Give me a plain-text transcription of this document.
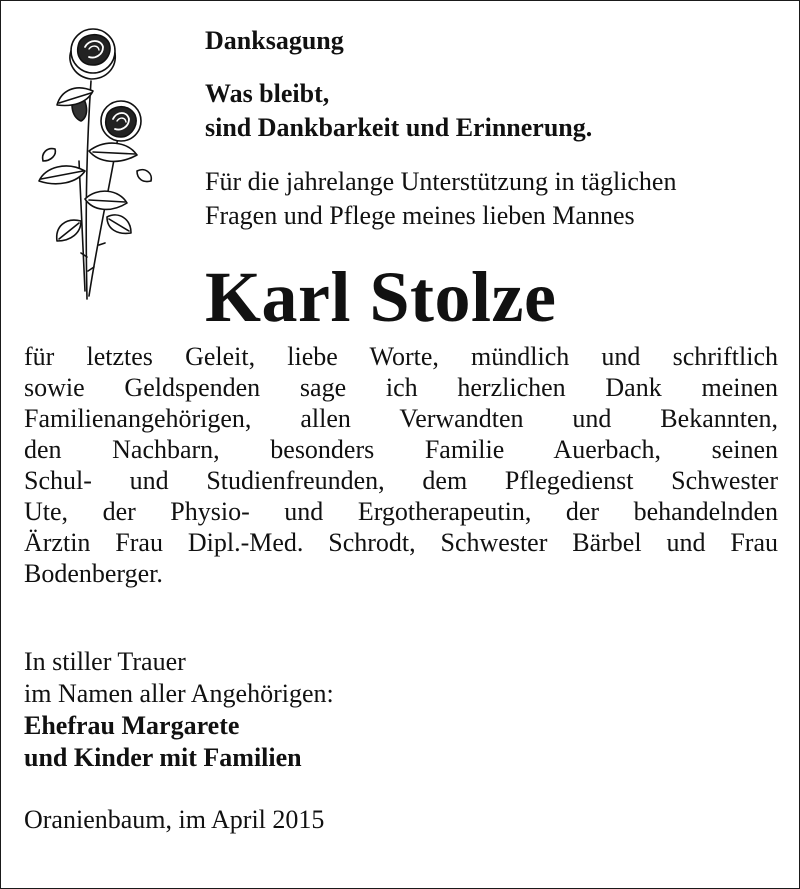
Danksagung

Was bleibt,
sind Dankbarkeit und Erinnerung.

Für die jahrelange Unterstützung in täglichen
Fragen und Pflege meines lieben Mannes

Karl Stolze

für letztes Geleit, liebe Worte, mündlich und schriftlich
sowie Geldspenden sage ich herzlichen Dank meinen
Familienangehörigen, allen Verwandten und Bekannten,
den Nachbarn, besonders Familie Auerbach, seinen
Schul- und Studienfreunden, dem Pflegedienst Schwester
Ute, der Physio- und Ergotherapeutin, der behandelnden
Ärztin Frau Dipl.-Med. Schrodt, Schwester Bärbel und Frau
Bodenberger.

In stiller Trauer
im Namen aller Angehörigen:
Ehefrau Margarete
und Kinder mit Familien

Oranienbaum, im April 2015
